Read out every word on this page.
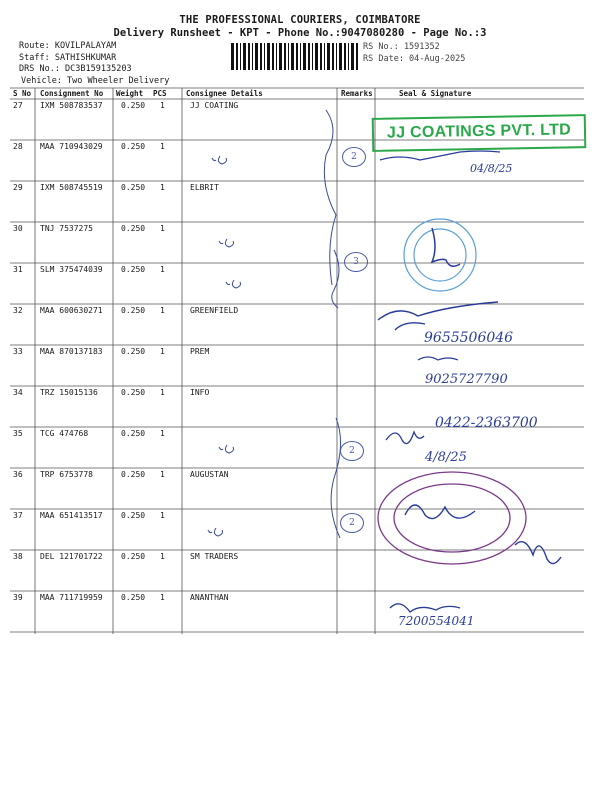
THE PROFESSIONAL COURIERS, COIMBATORE
Delivery Runsheet - KPT - Phone No.:9047080280 - Page No.:3
Route: KOVILPALAYAM
Staff: SATHISHKUMAR
DRS No.: DC3B159135203
Vehicle: Two Wheeler Delivery
RS No.: 1591352
RS Date: 04-Aug-2025
S No Consignment No Weight PCS	Consignee Details	Remarks	Seal & Signature
27 IXM 508783537 0.250 1	JJ COATING
28 MAA 710943029 0.250 1
29 IXM 508745519 0.250 1	ELBRIT
30 TNJ 7537275	0.250 1
31 SLM 375474039 0.250 1
32 MAA 600630271 0.250 1	GREENFIELD
33 MAA 870137183 0.250 1	PREM
34 TRZ 15015136	0.250 1	INFO
35 TCG 474768	0.250 1
36 TRP 6753778	0.250 1	AUGUSTAN
37 MAA 651413517 0.250 1
38 DEL 121701722 0.250 1	SM TRADERS
39 MAA 711719959 0.250 1	ANANTHAN
JJ COATINGS PVT. LTD
04/8/25
9655506046
9025727790
0422-2363700
4/8/25
7200554041
2
3
2
2
